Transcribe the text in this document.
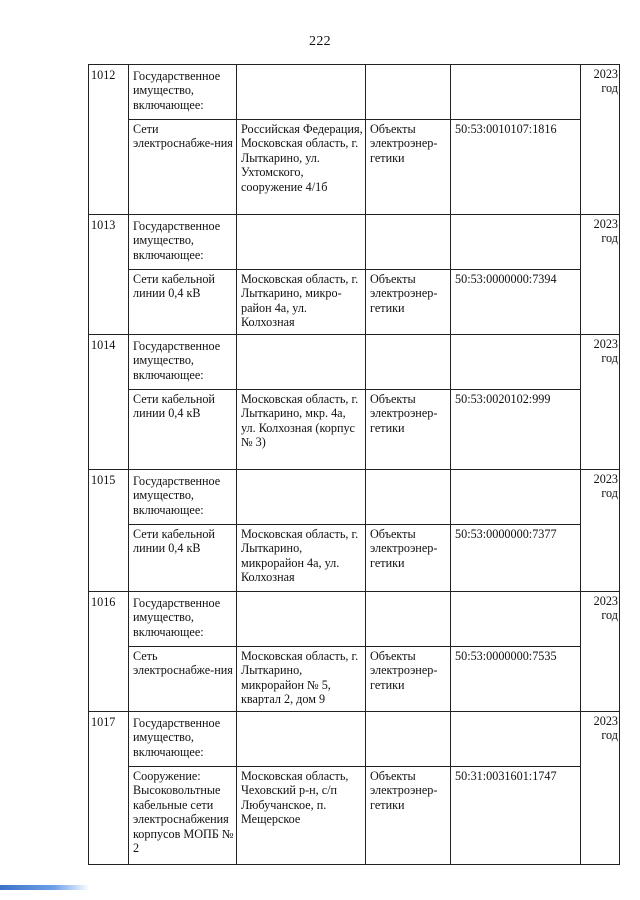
222
1012	Государственное имущество, включающее:				2023 год
	Сети электроснабже-ния	Российская Федерация, Московская область, г. Лыткарино, ул. Ухтомского, сооружение 4/1б	Объекты электроэнер-гетики	50:53:0010107:1816	
1013	Государственное имущество, включающее:				2023 год
	Сети кабельной линии 0,4 кВ	Московская область, г. Лыткарино, микро-район 4а, ул. Колхозная	Объекты электроэнер-гетики	50:53:0000000:7394	
1014	Государственное имущество, включающее:				2023 год
	Сети кабельной линии 0,4 кВ	Московская область, г. Лыткарино, мкр. 4а, ул. Колхозная (корпус № 3)	Объекты электроэнер-гетики	50:53:0020102:999	
1015	Государственное имущество, включающее:				2023 год
	Сети кабельной линии 0,4 кВ	Московская область, г. Лыткарино, микрорайон 4а, ул. Колхозная	Объекты электроэнер-гетики	50:53:0000000:7377	
1016	Государственное имущество, включающее:				2023 год
	Сеть электроснабже-ния	Московская область, г. Лыткарино, микрорайон № 5, квартал 2, дом 9	Объекты электроэнер-гетики	50:53:0000000:7535	
1017	Государственное имущество, включающее:				2023 год
	Сооружение: Высоковольтные кабельные сети электроснабжения корпусов МОПБ № 2	Московская область, Чеховский р-н, с/п Любучанское, п. Мещерское	Объекты электроэнер-гетики	50:31:0031601:1747	
